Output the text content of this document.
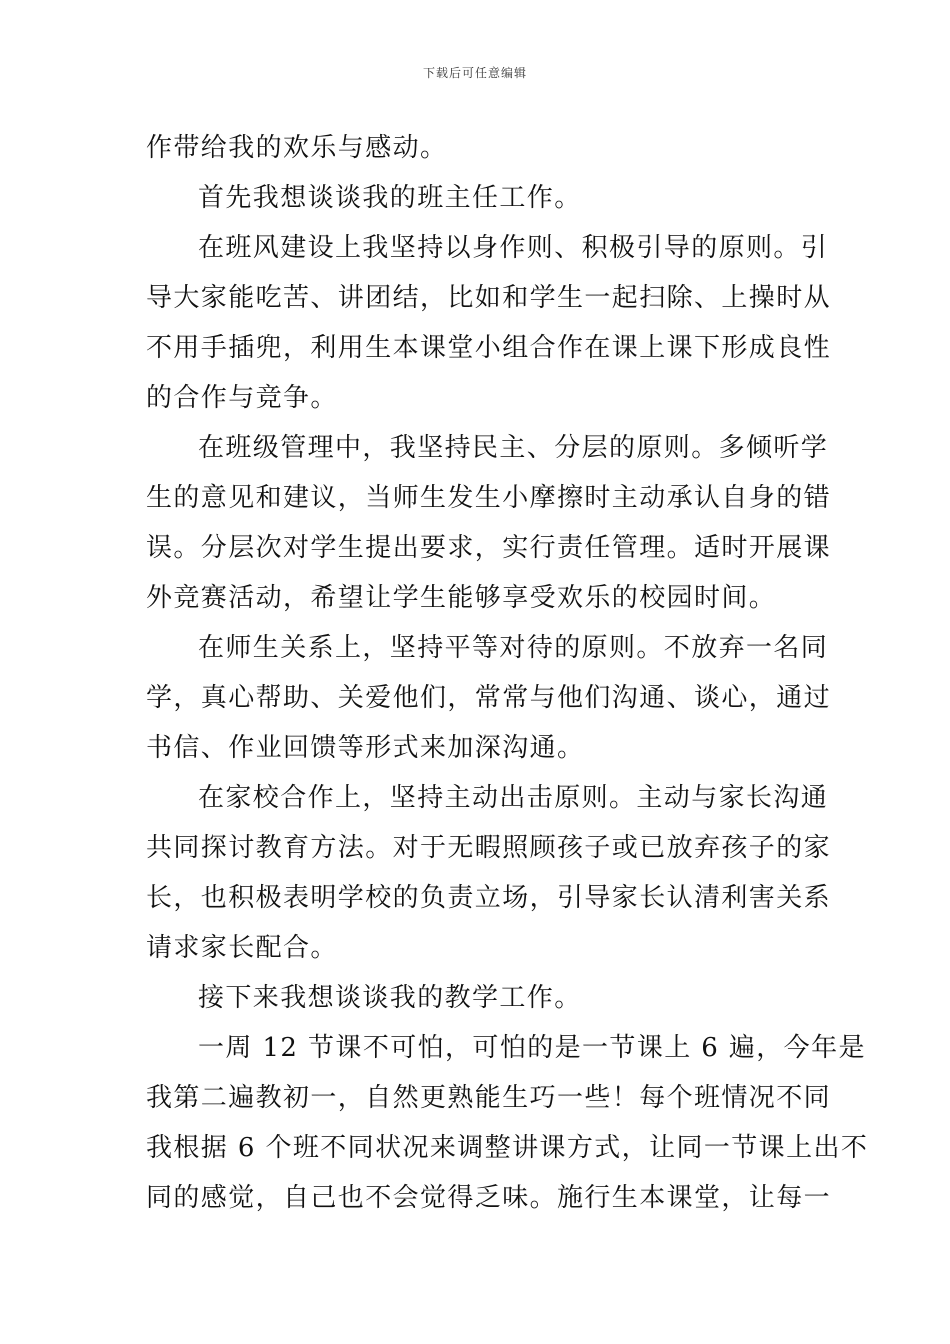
下载后可任意编辑
作带给我的欢乐与感动。
首先我想谈谈我的班主任工作。
在班风建设上我坚持以身作则、积极引导的原则。引
导大家能吃苦、讲团结，比如和学生一起扫除、上操时从
不用手插兜，利用生本课堂小组合作在课上课下形成良性
的合作与竞争。
在班级管理中，我坚持民主、分层的原则。多倾听学
生的意见和建议，当师生发生小摩擦时主动承认自身的错
误。分层次对学生提出要求，实行责任管理。适时开展课
外竞赛活动，希望让学生能够享受欢乐的校园时间。
在师生关系上，坚持平等对待的原则。不放弃一名同
学，真心帮助、关爱他们，常常与他们沟通、谈心，通过
书信、作业回馈等形式来加深沟通。
在家校合作上，坚持主动出击原则。主动与家长沟通
共同探讨教育方法。对于无暇照顾孩子或已放弃孩子的家
长，也积极表明学校的负责立场，引导家长认清利害关系
请求家长配合。
接下来我想谈谈我的教学工作。
一周 12 节课不可怕，可怕的是一节课上 6 遍，今年是
我第二遍教初一，自然更熟能生巧一些！每个班情况不同
我根据 6 个班不同状况来调整讲课方式，让同一节课上出不
同的感觉，自己也不会觉得乏味。施行生本课堂，让每一
